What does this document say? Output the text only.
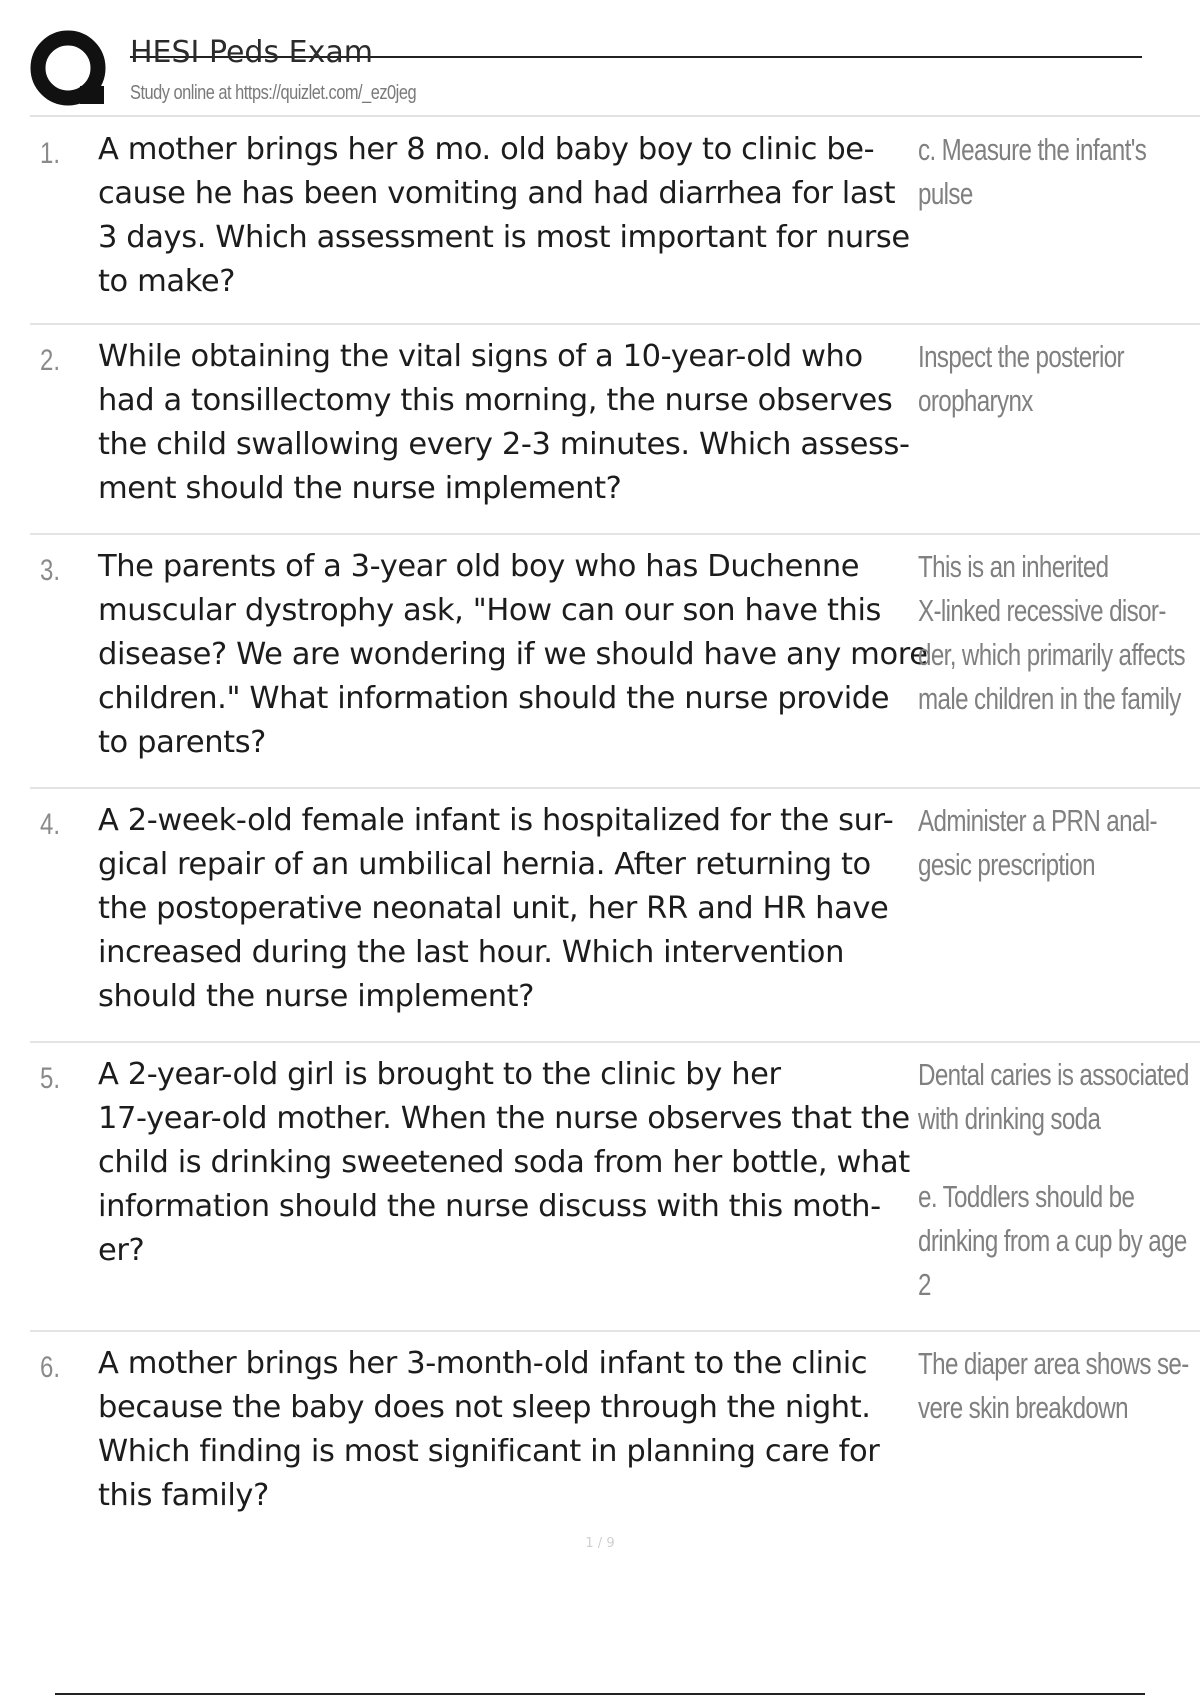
HESI Peds Exam
Study online at https://quizlet.com/_ez0jeg
1. A mother brings her 8 mo. old baby boy to clinic be-
cause he has been vomiting and had diarrhea for last
3 days. Which assessment is most important for nurse
to make?
c. Measure the infant's
pulse
2. While obtaining the vital signs of a 10-year-old who
had a tonsillectomy this morning, the nurse observes
the child swallowing every 2-3 minutes. Which assess-
ment should the nurse implement?
Inspect the posterior
oropharynx
3. The parents of a 3-year old boy who has Duchenne
muscular dystrophy ask, "How can our son have this
disease? We are wondering if we should have any more
children." What information should the nurse provide
to parents?
This is an inherited
X-linked recessive disor-
der, which primarily affects
male children in the family
4. A 2-week-old female infant is hospitalized for the sur-
gical repair of an umbilical hernia. After returning to
the postoperative neonatal unit, her RR and HR have
increased during the last hour. Which intervention
should the nurse implement?
Administer a PRN anal-
gesic prescription
5. A 2-year-old girl is brought to the clinic by her
17-year-old mother. When the nurse observes that the
child is drinking sweetened soda from her bottle, what
information should the nurse discuss with this moth-
er?
Dental caries is associated
with drinking soda
e. Toddlers should be
drinking from a cup by age
2
6. A mother brings her 3-month-old infant to the clinic
because the baby does not sleep through the night.
Which finding is most significant in planning care for
this family?
The diaper area shows se-
vere skin breakdown
1 / 9
